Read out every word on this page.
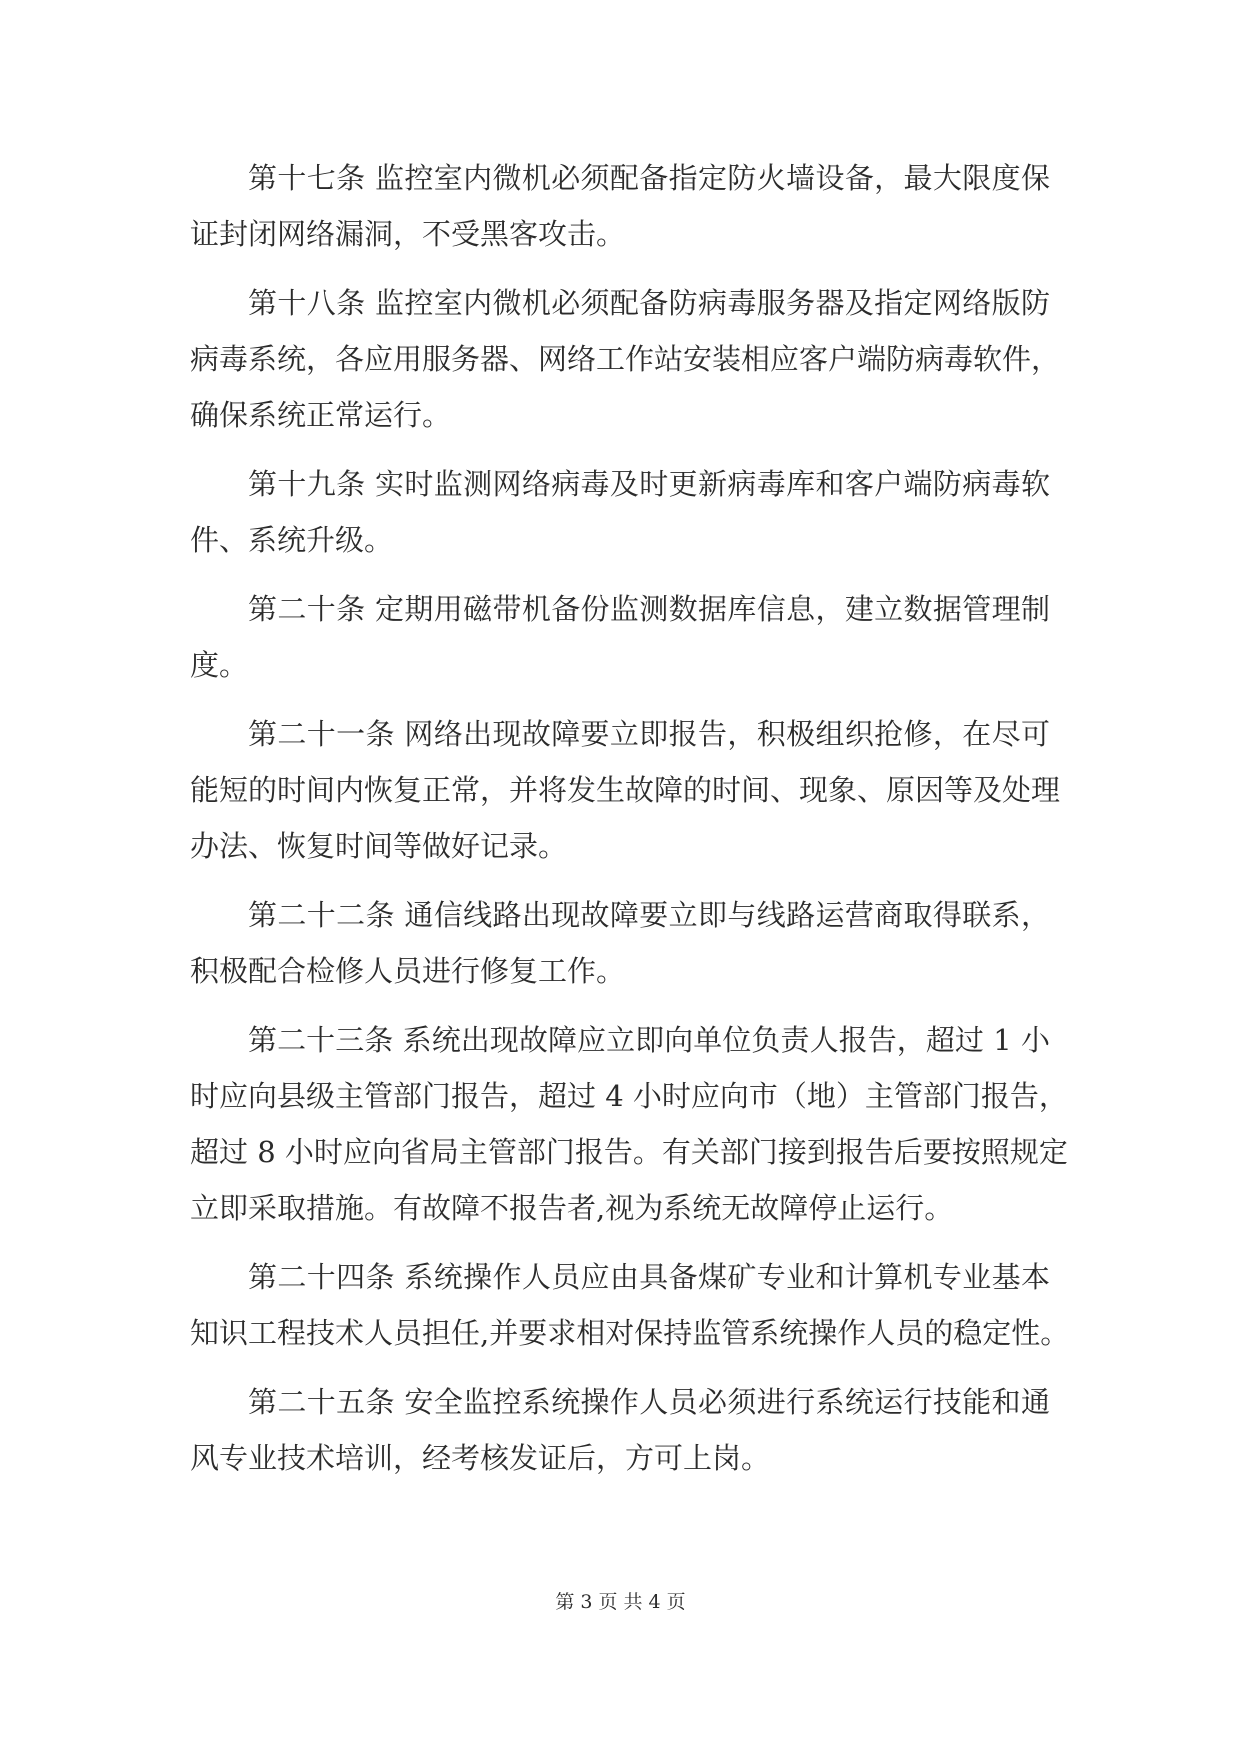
第十七条 监控室内微机必须配备指定防火墙设备，最大限度保
证封闭网络漏洞，不受黑客攻击。
第十八条 监控室内微机必须配备防病毒服务器及指定网络版防
病毒系统，各应用服务器、网络工作站安装相应客户端防病毒软件，
确保系统正常运行。
第十九条 实时监测网络病毒及时更新病毒库和客户端防病毒软
件、系统升级。
第二十条 定期用磁带机备份监测数据库信息，建立数据管理制
度。
第二十一条 网络出现故障要立即报告，积极组织抢修，在尽可
能短的时间内恢复正常，并将发生故障的时间、现象、原因等及处理
办法、恢复时间等做好记录。
第二十二条 通信线路出现故障要立即与线路运营商取得联系，
积极配合检修人员进行修复工作。
第二十三条 系统出现故障应立即向单位负责人报告，超过 1 小
时应向县级主管部门报告，超过 4 小时应向市（地）主管部门报告，
超过 8 小时应向省局主管部门报告。有关部门接到报告后要按照规定
立即采取措施。有故障不报告者,视为系统无故障停止运行。
第二十四条 系统操作人员应由具备煤矿专业和计算机专业基本
知识工程技术人员担任,并要求相对保持监管系统操作人员的稳定性。
第二十五条 安全监控系统操作人员必须进行系统运行技能和通
风专业技术培训，经考核发证后，方可上岗。
第 3 页 共 4 页
